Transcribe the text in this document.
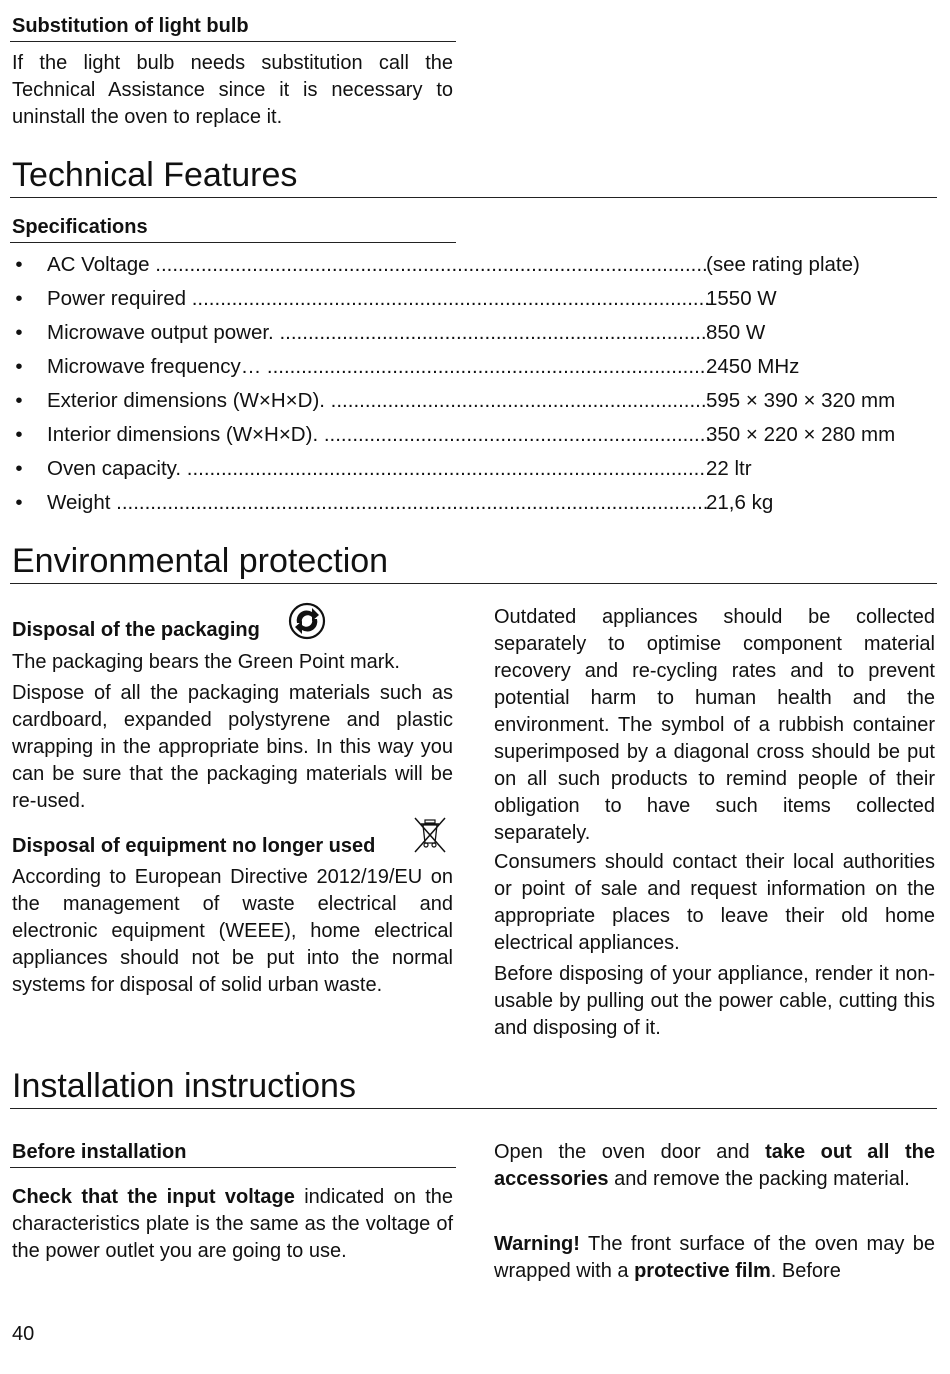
Substitution of light bulb
If the light bulb needs substitution call the Technical Assistance since it is necessary to uninstall the oven to replace it.
Technical Features
Specifications
• AC Voltage .....	(see rating plate)
• Power required .....	1550 W
• Microwave output power. .....	850 W
• Microwave frequency… .....	2450 MHz
• Exterior dimensions (W×H×D). .....	595 × 390 × 320 mm
• Interior dimensions (W×H×D). .....	350 × 220 × 280 mm
• Oven capacity. .....	22 ltr
• Weight .....	21,6 kg
Environmental protection
Disposal of the packaging
The packaging bears the Green Point mark.
Dispose of all the packaging materials such as cardboard, expanded polystyrene and plastic wrapping in the appropriate bins. In this way you can be sure that the packaging materials will be re-used.
Disposal of equipment no longer used
According to European Directive 2012/19/EU on the management of waste electrical and electronic equipment (WEEE), home electrical appliances should not be put into the normal systems for disposal of solid urban waste.
Outdated appliances should be collected separately to optimise component material recovery and re-cycling rates and to prevent potential harm to human health and the environment. The symbol of a rubbish container superimposed by a diagonal cross should be put on all such products to remind people of their obligation to have such items collected separately.
Consumers should contact their local authorities or point of sale and request information on the appropriate places to leave their old home electrical appliances.
Before disposing of your appliance, render it non-usable by pulling out the power cable, cutting this and disposing of it.
Installation instructions
Before installation
Check that the input voltage indicated on the characteristics plate is the same as the voltage of the power outlet you are going to use.
Open the oven door and take out all the accessories and remove the packing material.
Warning! The front surface of the oven may be wrapped with a protective film. Before
40
